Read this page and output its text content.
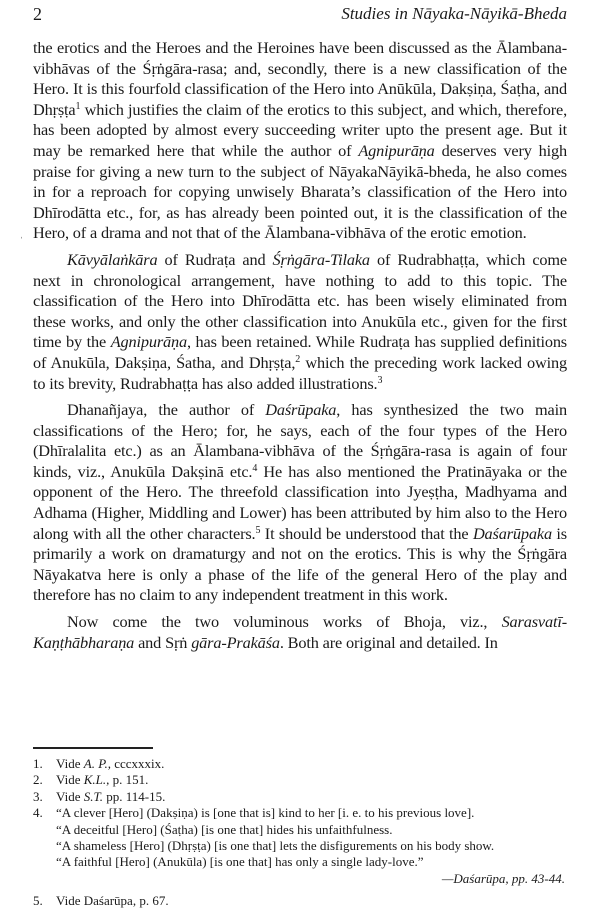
2	Studies in Nāyaka-Nāyikā-Bheda
ˌ

the erotics and the Heroes and the Heroines have been discussed as the Ālambana-vibhāvas of the Śṛṅgāra-rasa; and, secondly, there is a new classification of the Hero. It is this fourfold classification of the Hero into Anūkūla, Dakṣiṇa, Śaṭha, and Dhṛṣṭa$^1$ which justifies the claim of the erotics to this subject, and which, therefore, has been adopted by almost every succeeding writer upto the present age. But it may be remarked here that while the author of Agnipurāṇa deserves very high praise for giving a new turn to the subject of NāyakaNāyikā-bheda, he also comes in for a reproach for copying unwisely Bharata’s classification of the Hero into Dhīrodātta etc., for, as has already been pointed out, it is the classification of the Hero, of a drama and not that of the Ālambana-vibhāva of the erotic emotion.

Kāvyālaṅkāra of Rudraṭa and Śṛṅgāra-Tilaka of Rudrabhaṭṭa, which come next in chronological arrangement, have nothing to add to this topic. The classification of the Hero into Dhīrodātta etc. has been wisely eliminated from these works, and only the other classification into Anukūla etc., given for the first time by the Agnipurāṇa, has been retained. While Rudraṭa has supplied definitions of Anukūla, Dakṣiṇa, Śatha, and Dhṛṣṭa,$^2$ which the preceding work lacked owing to its brevity, Rudrabhaṭṭa has also added illustrations.$^3$

Dhanañjaya, the author of Daśrūpaka, has synthesized the two main classifications of the Hero; for, he says, each of the four types of the Hero (Dhīralalita etc.) as an Ālambana-vibhāva of the Śṛṅgāra-rasa is again of four kinds, viz., Anukūla Dakṣinā etc.$^4$ He has also mentioned the Pratināyaka or the opponent of the Hero. The threefold classification into Jyeṣṭha, Madhyama and Adhama (Higher, Middling and Lower) has been attributed by him also to the Hero along with all the other characters.$^5$ It should be understood that the Daśarūpaka is primarily a work on dramaturgy and not on the erotics. This is why the Śṛṅgāra Nāyakatva here is only a phase of the life of the general Hero of the play and therefore has no claim to any independent treatment in this work.

Now come the two voluminous works of Bhoja, viz., Sarasvatī-Kaṇṭhābharaṇa and Sṛṅ gāra-Prakāśa. Both are original and detailed. In

1.	Vide A. P., cccxxxix.
2.	Vide K.L., p. 151.
3.	Vide S.T. pp. 114-15.
4.	“A clever [Hero] (Dakṣiṇa) is [one that is] kind to her [i. e. to his previous love].
“A deceitful [Hero] (Śaṭha) [is one that] hides his unfaithfulness.
“A shameless [Hero] (Dhṛṣṭa) [is one that] lets the disfigurements on his body show.
“A faithful [Hero] (Anukūla) [is one that] has only a single lady-love.”
—Daśarūpa, pp. 43-44.
5.	Vide Daśarūpa, p. 67.
